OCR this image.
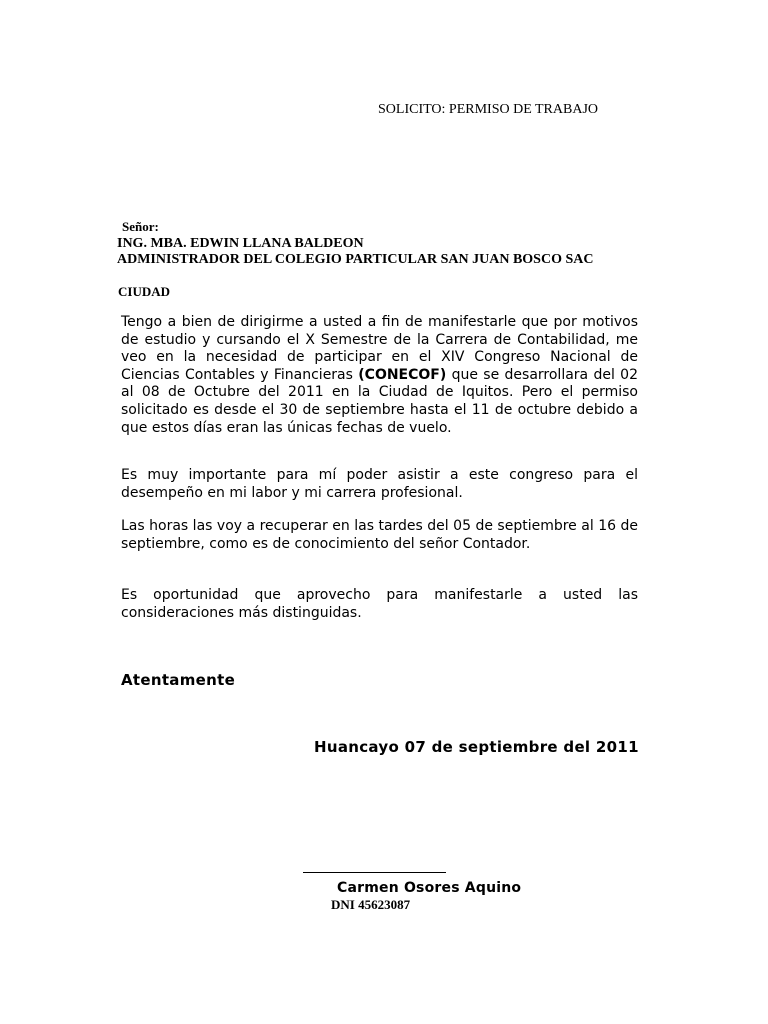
SOLICITO: PERMISO DE TRABAJO
Señor:
ING. MBA. EDWIN LLANA BALDEON
ADMINISTRADOR DEL COLEGIO PARTICULAR SAN JUAN BOSCO SAC
CIUDAD

Tengo a bien de dirigirme a usted a fin de manifestarle que por motivos de estudio y cursando el X Semestre de la Carrera de Contabilidad, me veo en la necesidad de participar en el XIV Congreso Nacional de Ciencias Contables y Financieras (CONECOF) que se desarrollara del 02 al 08 de Octubre del 2011 en la Ciudad de Iquitos. Pero el permiso solicitado es desde el 30 de septiembre hasta el 11 de octubre debido a que estos días eran las únicas fechas de vuelo.

Es muy importante para mí poder asistir a este congreso para el desempeño en mi labor y mi carrera profesional.

Las horas las voy a recuperar en las tardes del 05 de septiembre al 16 de septiembre, como es de conocimiento del señor Contador.

Es oportunidad que aprovecho para manifestarle a usted las consideraciones más distinguidas.

Atentamente
Huancayo 07 de septiembre del 2011
Carmen Osores Aquino
DNI 45623087
